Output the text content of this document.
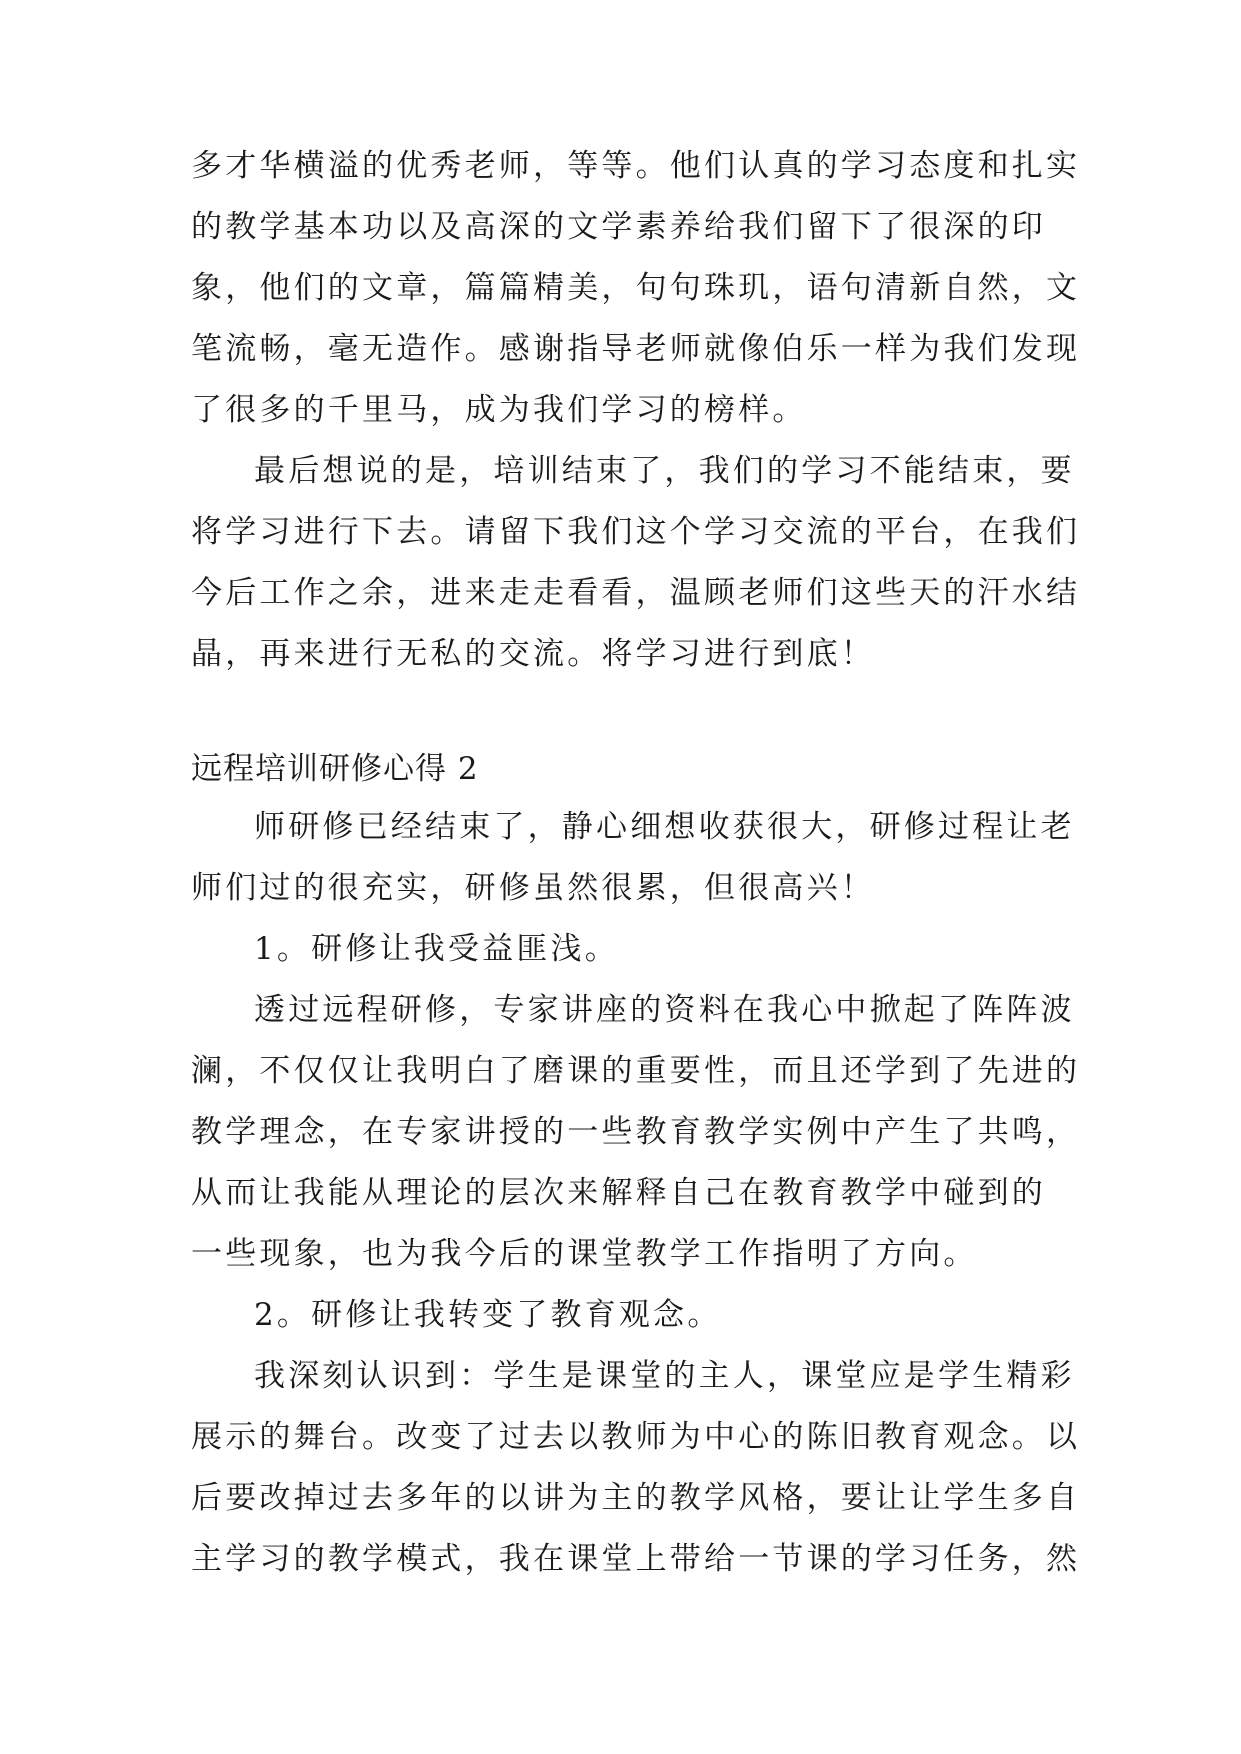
多才华横溢的优秀老师，等等。他们认真的学习态度和扎实
的教学基本功以及高深的文学素养给我们留下了很深的印
象，他们的文章，篇篇精美，句句珠玑，语句清新自然，文
笔流畅，毫无造作。感谢指导老师就像伯乐一样为我们发现
了很多的千里马，成为我们学习的榜样。
最后想说的是，培训结束了，我们的学习不能结束，要
将学习进行下去。请留下我们这个学习交流的平台，在我们
今后工作之余，进来走走看看，温顾老师们这些天的汗水结
晶，再来进行无私的交流。将学习进行到底！
远程培训研修心得 2
师研修已经结束了，静心细想收获很大，研修过程让老
师们过的很充实，研修虽然很累，但很高兴！
1。研修让我受益匪浅。
透过远程研修，专家讲座的资料在我心中掀起了阵阵波
澜，不仅仅让我明白了磨课的重要性，而且还学到了先进的
教学理念，在专家讲授的一些教育教学实例中产生了共鸣，
从而让我能从理论的层次来解释自己在教育教学中碰到的
一些现象，也为我今后的课堂教学工作指明了方向。
2。研修让我转变了教育观念。
我深刻认识到：学生是课堂的主人，课堂应是学生精彩
展示的舞台。改变了过去以教师为中心的陈旧教育观念。以
后要改掉过去多年的以讲为主的教学风格，要让让学生多自
主学习的教学模式，我在课堂上带给一节课的学习任务，然
